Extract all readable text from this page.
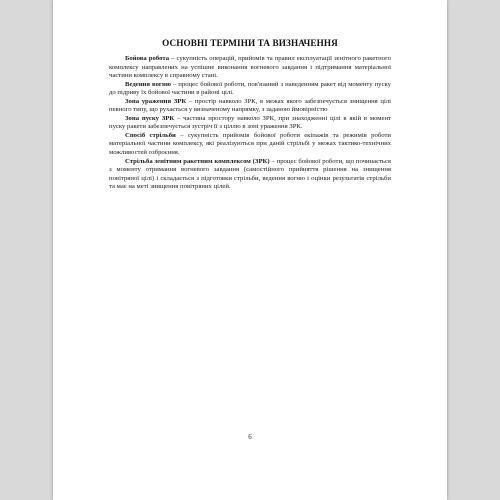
ОСНОВНІ ТЕРМІНИ ТА ВИЗНАЧЕННЯ

Бойова робота – сукупність операцій, прийомів та правил експлуатації зенітного ракетного комплексу направлених на успішне виконання вогневого завдання і підтримання матеріальної частини комплексу в справному стані.

Ведення вогню – процес бойової роботи, пов'язаний з наведенням ракет від моменту пуску до підриву їх бойової частини в районі цілі.

Зона ураження ЗРК – простір навколо ЗРК, в межах якого забезпечується знищення цілі певного типу, що рухається у визначеному напрямку, з заданою ймовірністю

Зона пуску ЗРК – частина простору навколо ЗРК, при знаходженні цілі в якій в момент пуску ракети забезпечується зустріч її з ціллю в зоні ураження ЗРК.

Спосіб стрільби – сукупність прийомів бойової роботи екіпажів та режимів роботи матеріальної частини комплексу, які реалізуються при даній стрільбі у межах тактико-технічних можливостей озброєння.

Стрільба зенітним ракетним комплексом (ЗРК) – процес бойової роботи, що починається з моменту отримання вогневого завдання (самостійного прийняття рішення на знищення повітряної цілі) і складається з підготовки стрільби, ведення вогню і оцінки результатів стрільби та має на меті знищення повітряних цілей.

6
